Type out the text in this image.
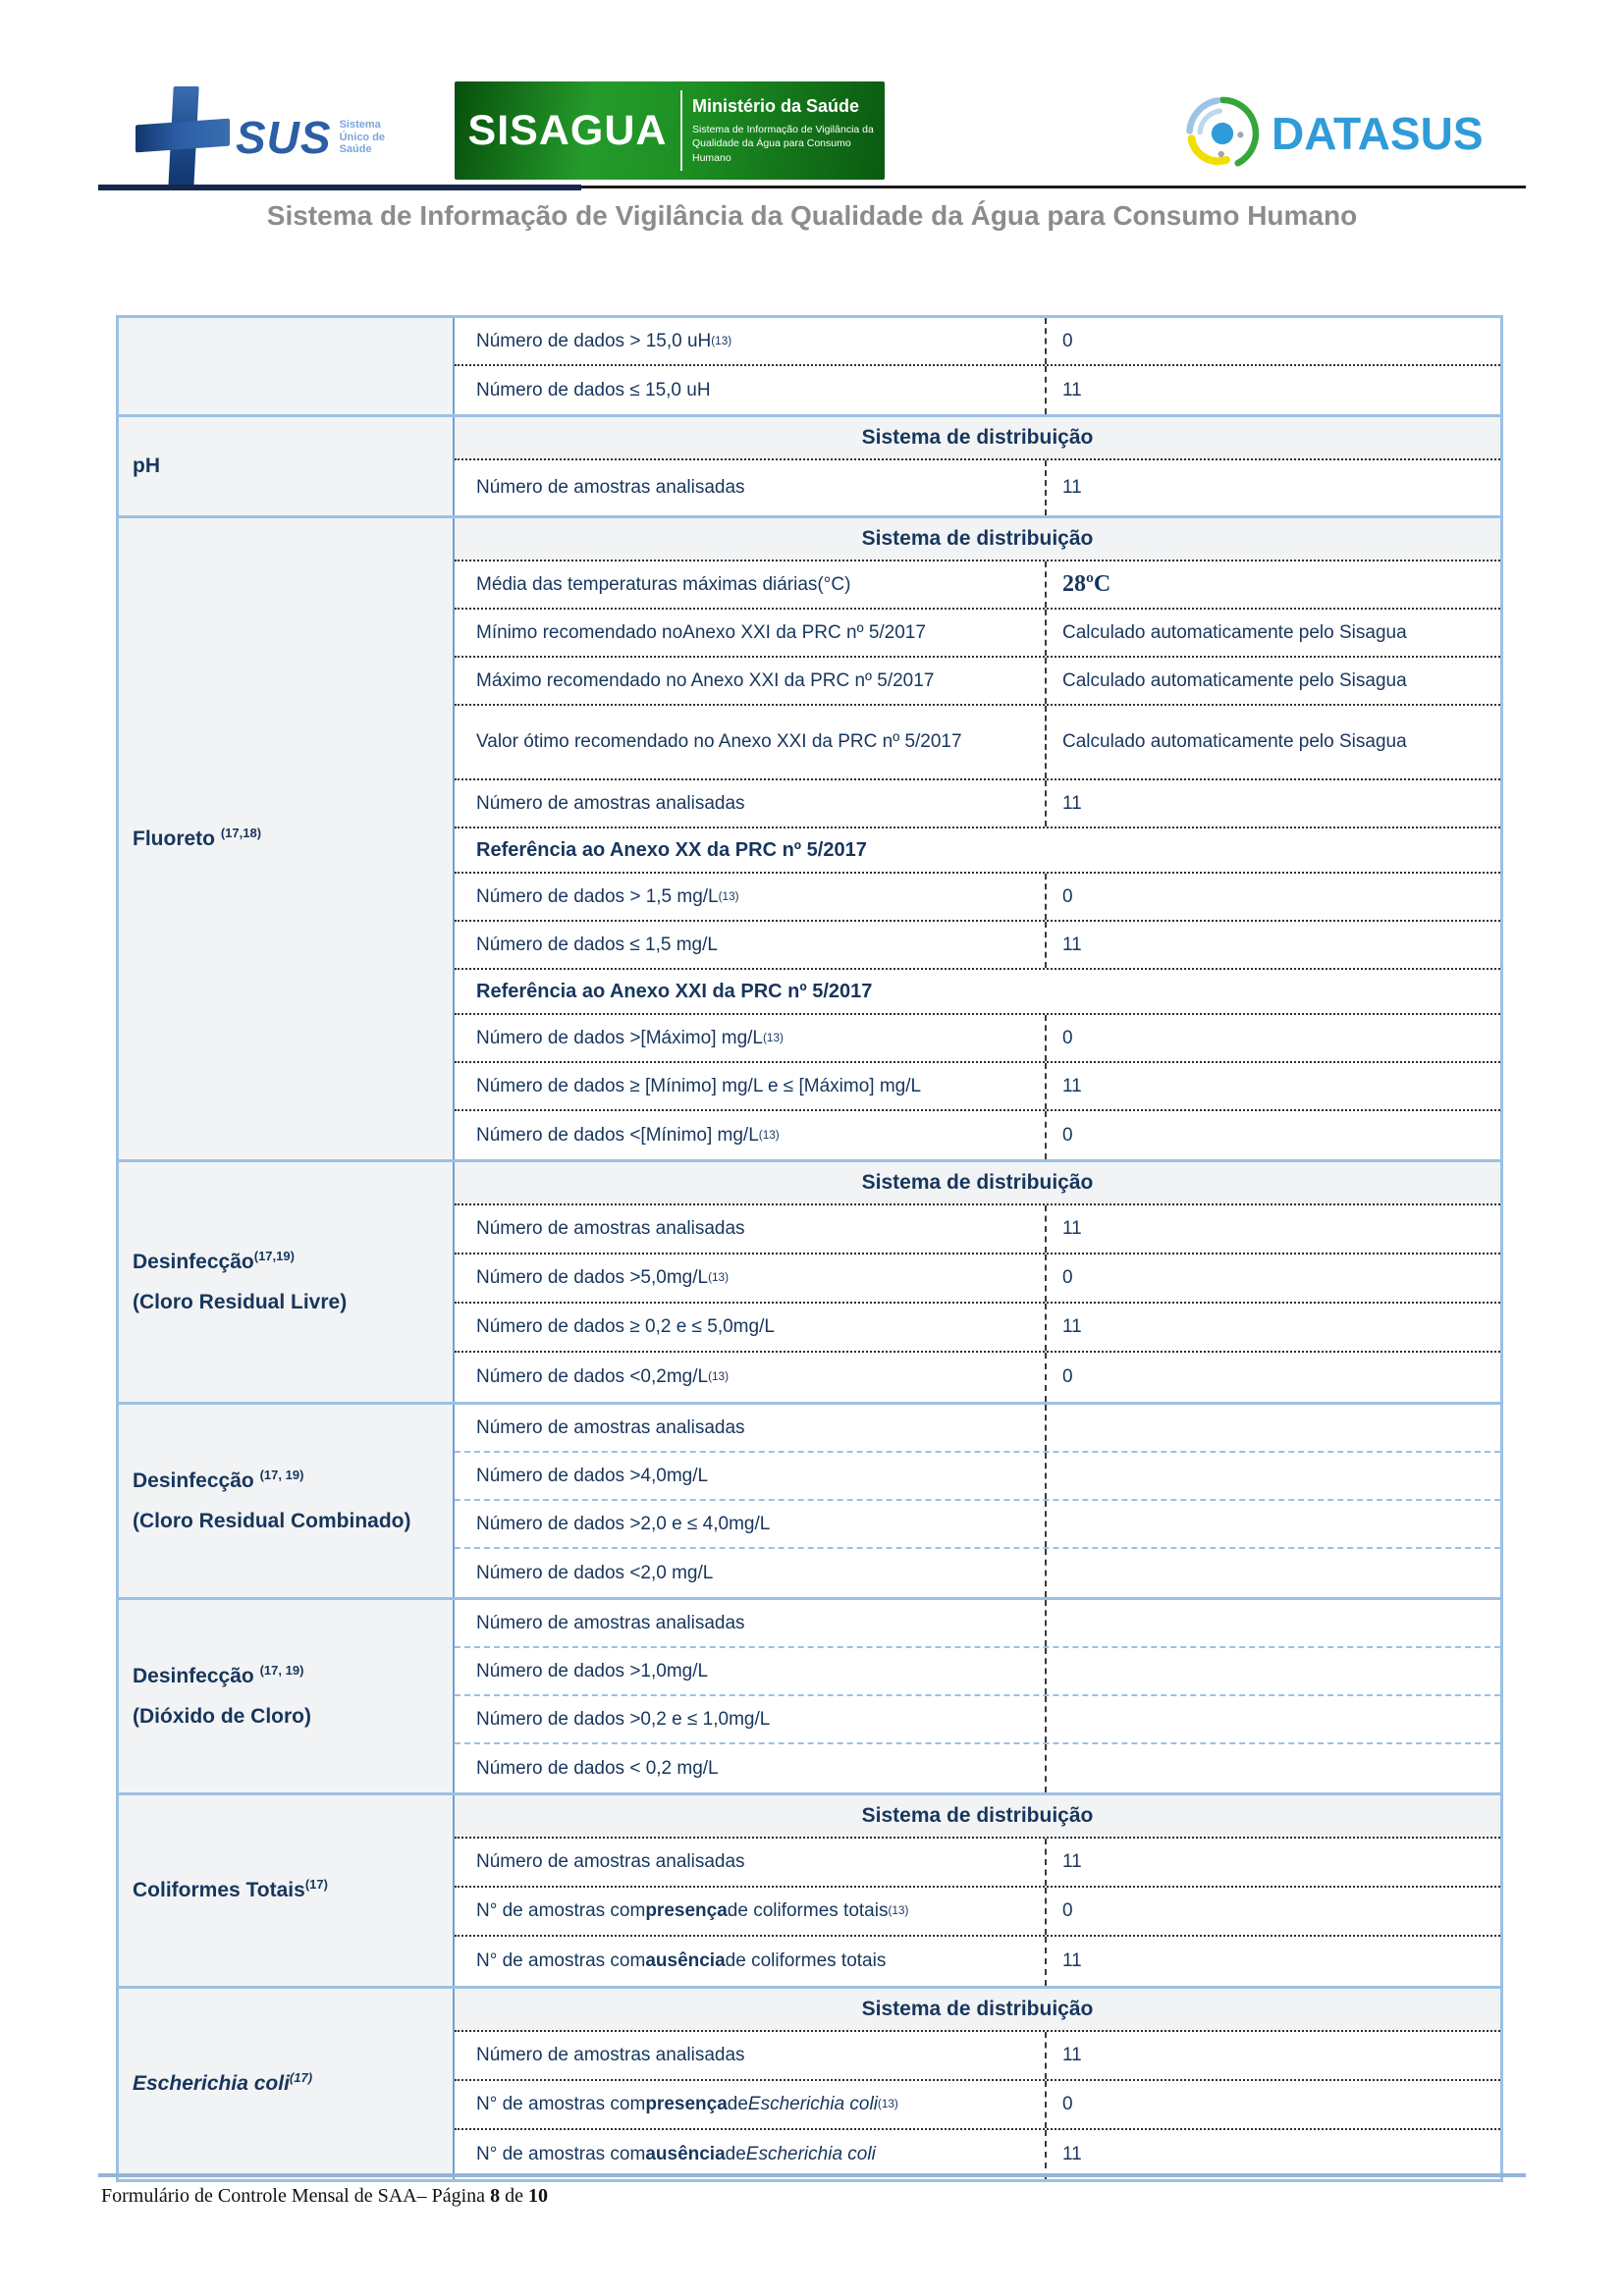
SUS Sistema Único de Saúde	SISAGUA
Ministério da Saúde
Sistema de Informação de Vigilância da
Qualidade da Água para Consumo Humano	DATASUS
Sistema de Informação de Vigilância da Qualidade da Água para Consumo Humano
Número de dados > 15,0 uH (13)	0
Número de dados ≤ 15,0 uH	11
pH
Sistema de distribuição
Número de amostras analisadas	11
Fluoreto $^{(17,18)}$
Sistema de distribuição
Média das temperaturas máximas diárias(°C)	28ºC
Mínimo recomendado noAnexo XXI da PRC nº 5/2017	Calculado automaticamente pelo Sisagua
Máximo recomendado no Anexo XXI da PRC nº 5/2017	Calculado automaticamente pelo Sisagua
Valor ótimo recomendado no Anexo XXI da PRC nº 5/2017	Calculado automaticamente pelo Sisagua
Número de amostras analisadas	11
Referência ao Anexo XX da PRC nº 5/2017
Número de dados > 1,5 mg/L (13)	0
Número de dados ≤ 1,5 mg/L	11
Referência ao Anexo XXI da PRC nº 5/2017
Número de dados >[Máximo] mg/L (13)	0
Número de dados ≥ [Mínimo] mg/L e ≤ [Máximo] mg/L	11
Número de dados <[Mínimo] mg/L (13)	0
Desinfecção$^{(17,19)}$
(Cloro Residual Livre)
Sistema de distribuição
Número de amostras analisadas	11
Número de dados >5,0mg/L (13)	0
Número de dados ≥ 0,2 e ≤ 5,0mg/L	11
Número de dados <0,2mg/L (13)	0
Desinfecção $^{(17, 19)}$
(Cloro Residual Combinado)
Número de amostras analisadas
Número de dados >4,0mg/L
Número de dados >2,0 e ≤ 4,0mg/L
Número de dados <2,0 mg/L
Desinfecção $^{(17, 19)}$
(Dióxido de Cloro)
Número de amostras analisadas
Número de dados >1,0mg/L
Número de dados >0,2 e ≤ 1,0mg/L
Número de dados < 0,2 mg/L
Coliformes Totais$^{(17)}$
Sistema de distribuição
Número de amostras analisadas	11
N° de amostras com presença de coliformes totais (13)	0
N° de amostras com ausência de coliformes totais	11
Escherichia coli$^{(17)}$
Sistema de distribuição
Número de amostras analisadas	11
N° de amostras com presença de Escherichia coli (13)	0
N° de amostras com ausência de Escherichia coli	11
Formulário de Controle Mensal de SAA– Página 8 de 10
